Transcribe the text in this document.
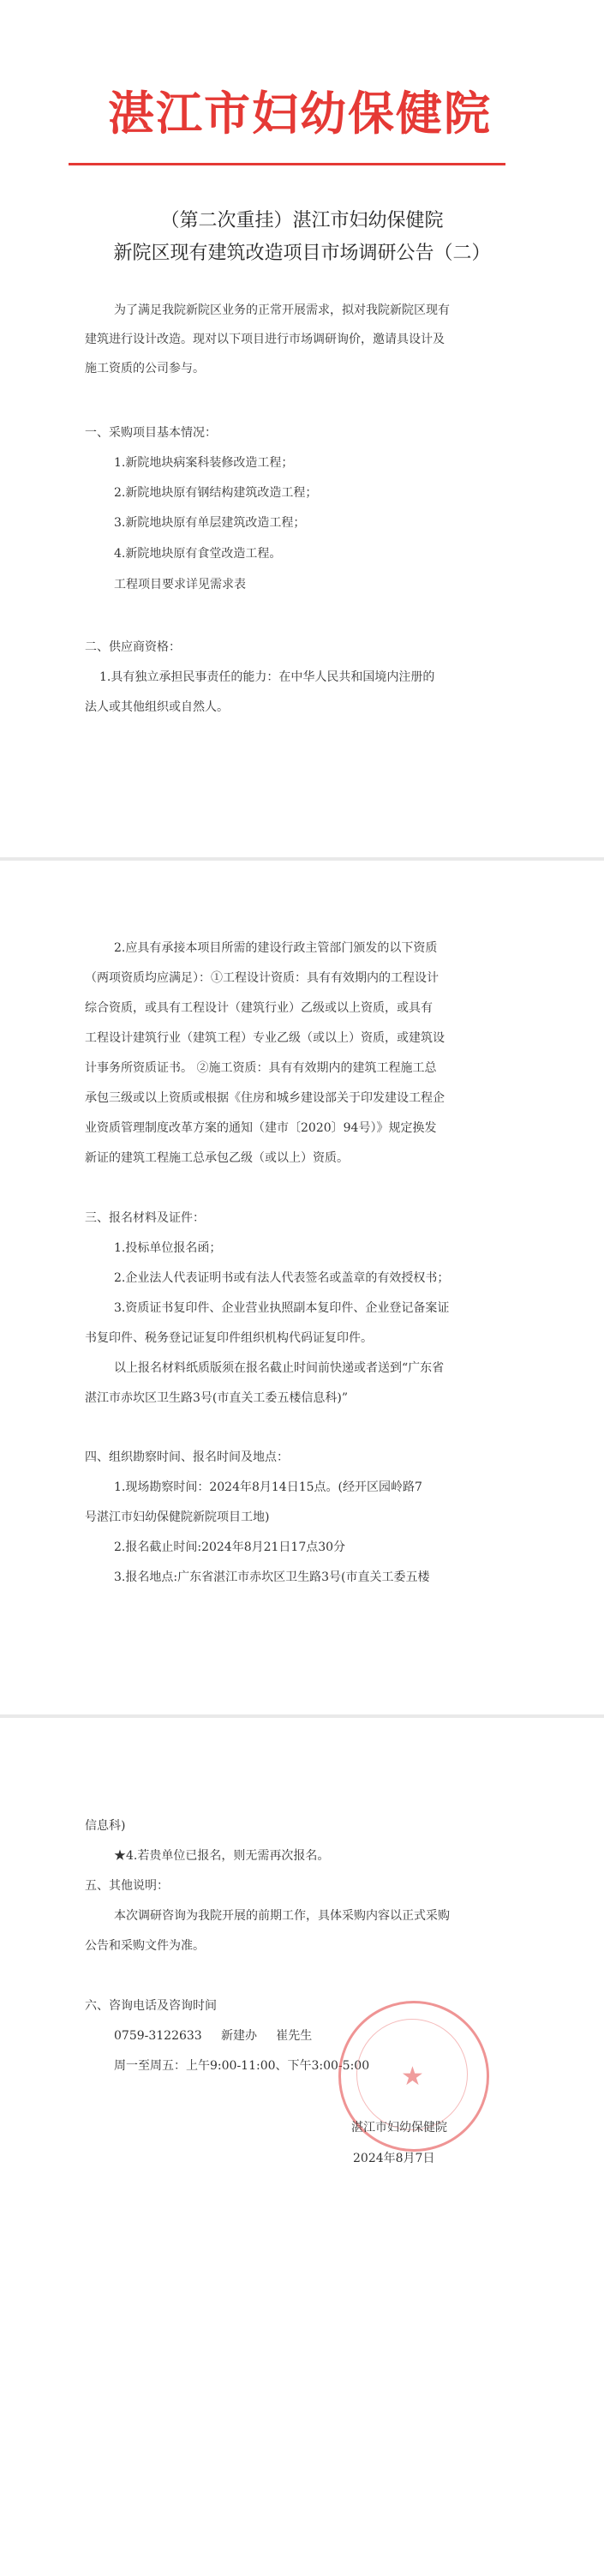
湛江市妇幼保健院
（第二次重挂）湛江市妇幼保健院
新院区现有建筑改造项目市场调研公告（二）
为了满足我院新院区业务的正常开展需求，拟对我院新院区现有
建筑进行设计改造。现对以下项目进行市场调研询价，邀请具设计及
施工资质的公司参与。
一、采购项目基本情况：
1.新院地块病案科装修改造工程；
2.新院地块原有钢结构建筑改造工程；
3.新院地块原有单层建筑改造工程；
4.新院地块原有食堂改造工程。
工程项目要求详见需求表
二、供应商资格：
1.具有独立承担民事责任的能力：在中华人民共和国境内注册的
法人或其他组织或自然人。
2.应具有承接本项目所需的建设行政主管部门颁发的以下资质
（两项资质均应满足）：①工程设计资质：具有有效期内的工程设计
综合资质，或具有工程设计（建筑行业）乙级或以上资质，或具有
工程设计建筑行业（建筑工程）专业乙级（或以上）资质，或建筑设
计事务所资质证书。 ②施工资质：具有有效期内的建筑工程施工总
承包三级或以上资质或根据《住房和城乡建设部关于印发建设工程企
业资质管理制度改革方案的通知（建市〔2020〕94号）》规定换发
新证的建筑工程施工总承包乙级（或以上）资质。
三、报名材料及证件：
1.投标单位报名函；
2.企业法人代表证明书或有法人代表签名或盖章的有效授权书；
3.资质证书复印件、企业营业执照副本复印件、企业登记备案证
书复印件、税务登记证复印件组织机构代码证复印件。
以上报名材料纸质版须在报名截止时间前快递或者送到“广东省
湛江市赤坎区卫生路3号(市直关工委五楼信息科)”
四、组织勘察时间、报名时间及地点：
1.现场勘察时间：2024年8月14日15点。(经开区园岭路7
号湛江市妇幼保健院新院项目工地)
2.报名截止时间:2024年8月21日17点30分
3.报名地点:广东省湛江市赤坎区卫生路3号(市直关工委五楼
信息科)
★4.若贵单位已报名，则无需再次报名。
五、其他说明：
本次调研咨询为我院开展的前期工作，具体采购内容以正式采购
公告和采购文件为准。
六、咨询电话及咨询时间
0759-3122633     新建办     崔先生
周一至周五：上午9:00-11:00、下午3:00-5:00 ★
湛江市妇幼保健院
2024年8月7日
